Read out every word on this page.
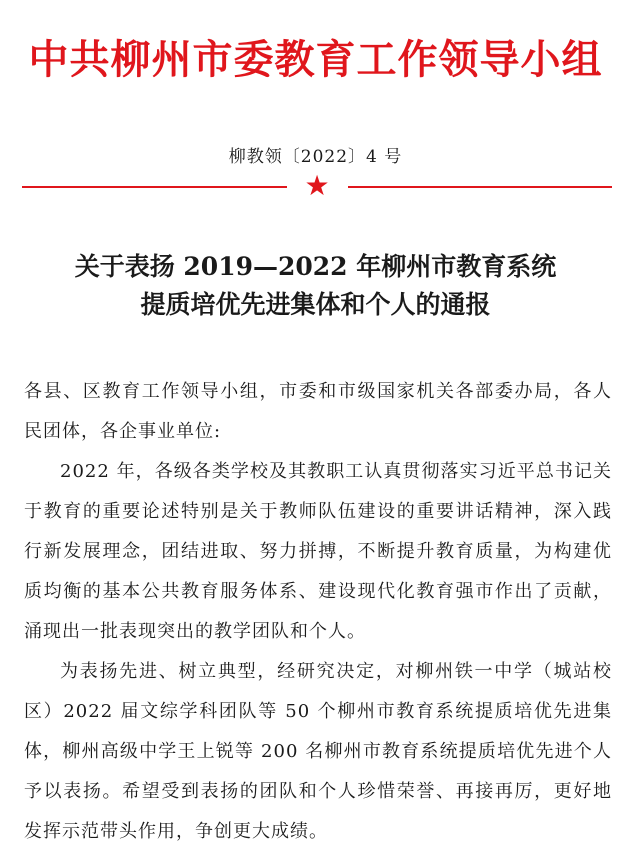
中共柳州市委教育工作领导小组
柳教领〔2022〕4 号
★
关于表扬 2019—2022 年柳州市教育系统
提质培优先进集体和个人的通报

各县、区教育工作领导小组，市委和市级国家机关各部委办局，各人民团体，各企事业单位:

2022 年，各级各类学校及其教职工认真贯彻落实习近平总书记关于教育的重要论述特别是关于教师队伍建设的重要讲话精神，深入践行新发展理念，团结进取、努力拼搏，不断提升教育质量，为构建优质均衡的基本公共教育服务体系、建设现代化教育强市作出了贡献，涌现出一批表现突出的教学团队和个人。

为表扬先进、树立典型，经研究决定，对柳州铁一中学（城站校区）2022 届文综学科团队等 50 个柳州市教育系统提质培优先进集体，柳州高级中学王上锐等 200 名柳州市教育系统提质培优先进个人予以表扬。希望受到表扬的团队和个人珍惜荣誉、再接再厉，更好地发挥示范带头作用，争创更大成绩。
